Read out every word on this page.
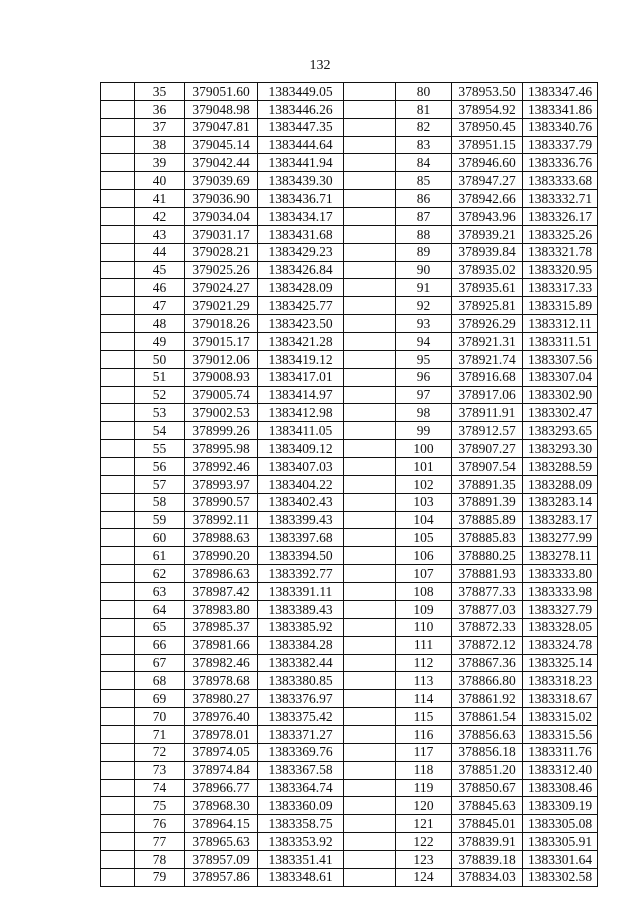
132
	35	379051.60	1383449.05
	36	379048.98	1383446.26
	37	379047.81	1383447.35
	38	379045.14	1383444.64
	39	379042.44	1383441.94
	40	379039.69	1383439.30
	41	379036.90	1383436.71
	42	379034.04	1383434.17
	43	379031.17	1383431.68
	44	379028.21	1383429.23
	45	379025.26	1383426.84
	46	379024.27	1383428.09
	47	379021.29	1383425.77
	48	379018.26	1383423.50
	49	379015.17	1383421.28
	50	379012.06	1383419.12
	51	379008.93	1383417.01
	52	379005.74	1383414.97
	53	379002.53	1383412.98
	54	378999.26	1383411.05
	55	378995.98	1383409.12
	56	378992.46	1383407.03
	57	378993.97	1383404.22
	58	378990.57	1383402.43
	59	378992.11	1383399.43
	60	378988.63	1383397.68
	61	378990.20	1383394.50
	62	378986.63	1383392.77
	63	378987.42	1383391.11
	64	378983.80	1383389.43
	65	378985.37	1383385.92
	66	378981.66	1383384.28
	67	378982.46	1383382.44
	68	378978.68	1383380.85
	69	378980.27	1383376.97
	70	378976.40	1383375.42
	71	378978.01	1383371.27
	72	378974.05	1383369.76
	73	378974.84	1383367.58
	74	378966.77	1383364.74
	75	378968.30	1383360.09
	76	378964.15	1383358.75
	77	378965.63	1383353.92
	78	378957.09	1383351.41
	79	378957.86	1383348.61
	80	378953.50	1383347.46
	81	378954.92	1383341.86
	82	378950.45	1383340.76
	83	378951.15	1383337.79
	84	378946.60	1383336.76
	85	378947.27	1383333.68
	86	378942.66	1383332.71
	87	378943.96	1383326.17
	88	378939.21	1383325.26
	89	378939.84	1383321.78
	90	378935.02	1383320.95
	91	378935.61	1383317.33
	92	378925.81	1383315.89
	93	378926.29	1383312.11
	94	378921.31	1383311.51
	95	378921.74	1383307.56
	96	378916.68	1383307.04
	97	378917.06	1383302.90
	98	378911.91	1383302.47
	99	378912.57	1383293.65
	100	378907.27	1383293.30
	101	378907.54	1383288.59
	102	378891.35	1383288.09
	103	378891.39	1383283.14
	104	378885.89	1383283.17
	105	378885.83	1383277.99
	106	378880.25	1383278.11
	107	378881.93	1383333.80
	108	378877.33	1383333.98
	109	378877.03	1383327.79
	110	378872.33	1383328.05
	111	378872.12	1383324.78
	112	378867.36	1383325.14
	113	378866.80	1383318.23
	114	378861.92	1383318.67
	115	378861.54	1383315.02
	116	378856.63	1383315.56
	117	378856.18	1383311.76
	118	378851.20	1383312.40
	119	378850.67	1383308.46
	120	378845.63	1383309.19
	121	378845.01	1383305.08
	122	378839.91	1383305.91
	123	378839.18	1383301.64
	124	378834.03	1383302.58
